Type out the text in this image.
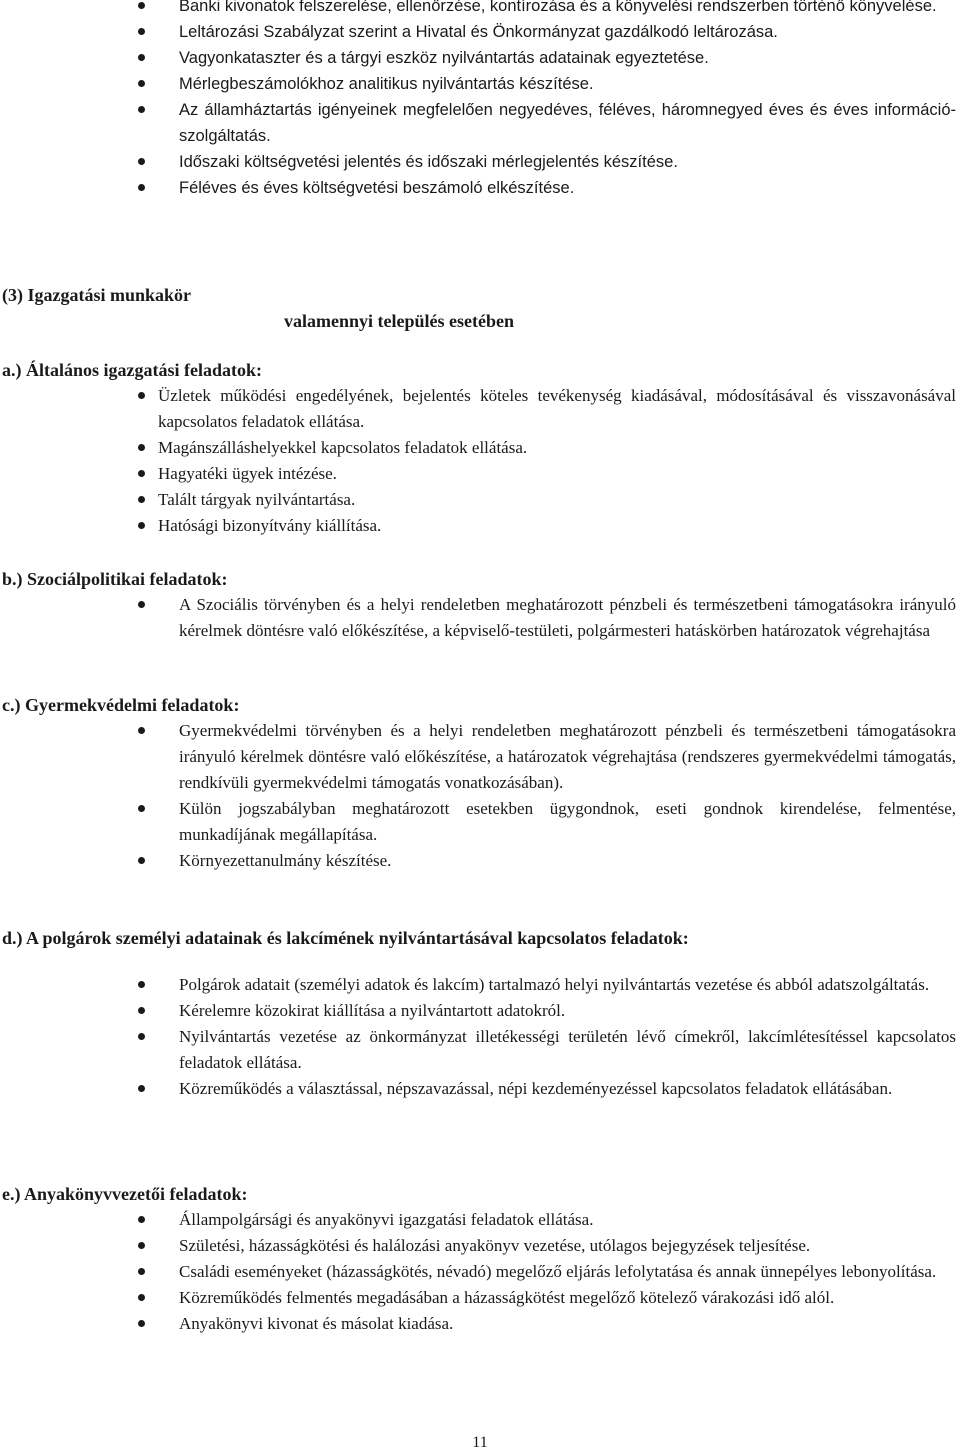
Banki kivonatok felszerelése, ellenőrzése, kontírozása és a könyvelési rendszerben történő könyvelése.
Leltározási Szabályzat szerint a Hivatal és Önkormányzat gazdálkodó leltározása.
Vagyonkataszter és a tárgyi eszköz nyilvántartás adatainak egyeztetése.
Mérlegbeszámolókhoz analitikus nyilvántartás készítése.
Az államháztartás igényeinek megfelelően negyedéves, féléves, háromnegyed éves és éves információ-szolgáltatás.
Időszaki költségvetési jelentés és időszaki mérlegjelentés készítése.
Féléves és éves költségvetési beszámoló elkészítése.
(3) Igazgatási munkakör
valamennyi település esetében
a.) Általános igazgatási feladatok:
Üzletek működési engedélyének, bejelentés köteles tevékenység kiadásával, módosításával és visszavonásával kapcsolatos feladatok ellátása.
Magánszálláshelyekkel kapcsolatos feladatok ellátása.
Hagyatéki ügyek intézése.
Talált tárgyak nyilvántartása.
Hatósági bizonyítvány kiállítása.
b.) Szociálpolitikai feladatok:
A Szociális törvényben és a helyi rendeletben meghatározott pénzbeli és természetbeni támogatásokra irányuló kérelmek döntésre való előkészítése, a képviselő-testületi, polgármesteri hatáskörben határozatok végrehajtása
c.) Gyermekvédelmi feladatok:
Gyermekvédelmi törvényben és a helyi rendeletben meghatározott pénzbeli és természetbeni támogatásokra irányuló kérelmek döntésre való előkészítése, a határozatok végrehajtása (rendszeres gyermekvédelmi támogatás, rendkívüli gyermekvédelmi támogatás vonatkozásában).
Külön jogszabályban meghatározott esetekben ügygondnok, eseti gondnok kirendelése, felmentése, munkadíjának megállapítása.
Környezettanulmány készítése.
d.) A polgárok személyi adatainak és lakcímének nyilvántartásával kapcsolatos feladatok:
Polgárok adatait (személyi adatok és lakcím) tartalmazó helyi nyilvántartás vezetése és abból adatszolgáltatás.
Kérelemre közokirat kiállítása a nyilvántartott adatokról.
Nyilvántartás vezetése az önkormányzat illetékességi területén lévő címekről, lakcímlétesítéssel kapcsolatos feladatok ellátása.
Közreműködés a választással, népszavazással, népi kezdeményezéssel kapcsolatos feladatok ellátásában.
e.) Anyakönyvvezetői feladatok:
Állampolgársági és anyakönyvi igazgatási feladatok ellátása.
Születési, házasságkötési és halálozási anyakönyv vezetése, utólagos bejegyzések teljesítése.
Családi eseményeket (házasságkötés, névadó) megelőző eljárás lefolytatása és annak ünnepélyes lebonyolítása.
Közreműködés felmentés megadásában a házasságkötést megelőző kötelező várakozási idő alól.
Anyakönyvi kivonat és másolat kiadása.
11
